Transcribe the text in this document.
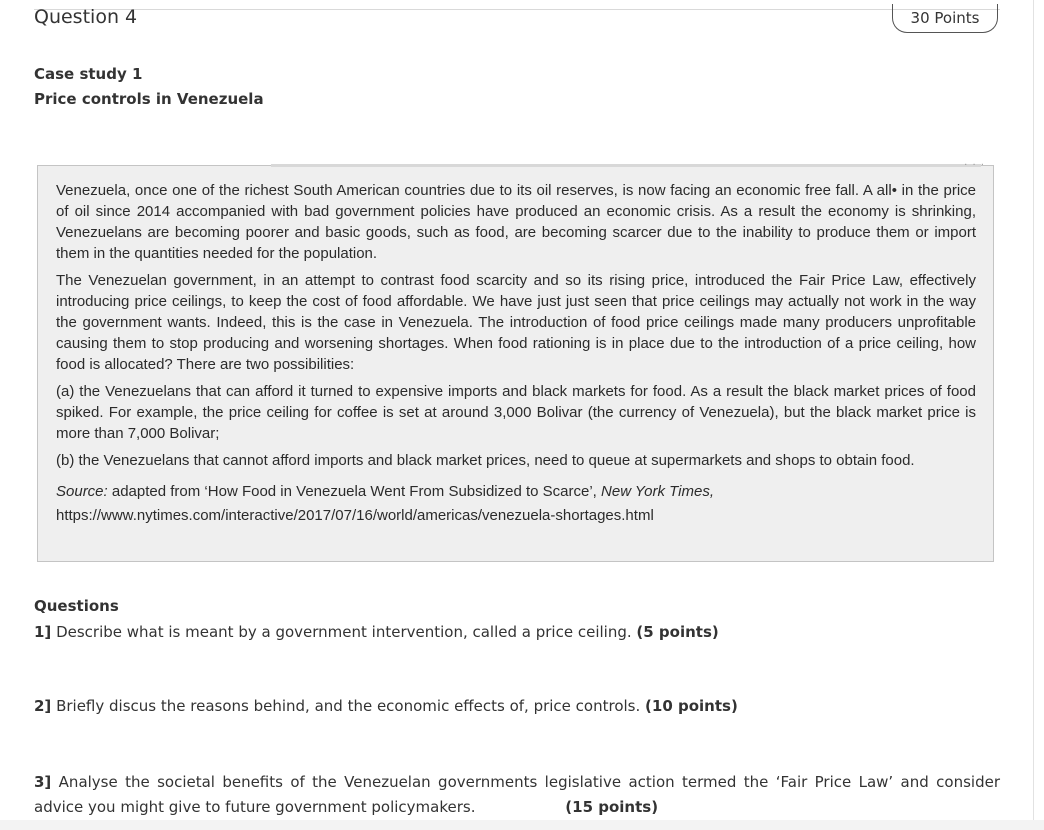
Question 4	30 Points
Case study 1
Price controls in Venezuela
· · ·

Venezuela, once one of the richest South American countries due to its oil reserves, is now facing an economic free fall. A all• in the price of oil since 2014 accompanied with bad government policies have produced an economic crisis. As a result the economy is shrinking, Venezuelans are becoming poorer and basic goods, such as food, are becoming scarcer due to the inability to produce them or import them in the quantities needed for the population.

The Venezuelan government, in an attempt to contrast food scarcity and so its rising price, introduced the Fair Price Law, effectively introducing price ceilings, to keep the cost of food affordable. We have just just seen that price ceilings may actually not work in the way the government wants. Indeed, this is the case in Venezuela. The introduction of food price ceilings made many producers unprofitable causing them to stop producing and worsening shortages. When food rationing is in place due to the introduction of a price ceiling, how food is allocated? There are two possibilities:

(a) the Venezuelans that can afford it turned to expensive imports and black markets for food. As a result the black market prices of food spiked. For example, the price ceiling for coffee is set at around 3,000 Bolivar (the currency of Venezuela), but the black market price is more than 7,000 Bolivar;

(b) the Venezuelans that cannot afford imports and black market prices, need to queue at supermarkets and shops to obtain food.

Source: adapted from ‘How Food in Venezuela Went From Subsidized to Scarce’, New York Times, https://www.nytimes.com/interactive/2017/07/16/world/americas/venezuela-shortages.html

Questions
1] Describe what is meant by a government intervention, called a price ceiling. (5 points)
2] Briefly discus the reasons behind, and the economic effects of, price controls. (10 points)
3] Analyse the societal benefits of the Venezuelan governments legislative action termed the ‘Fair Price Law’ and consider advice you might give to future government policymakers.	(15 points)
